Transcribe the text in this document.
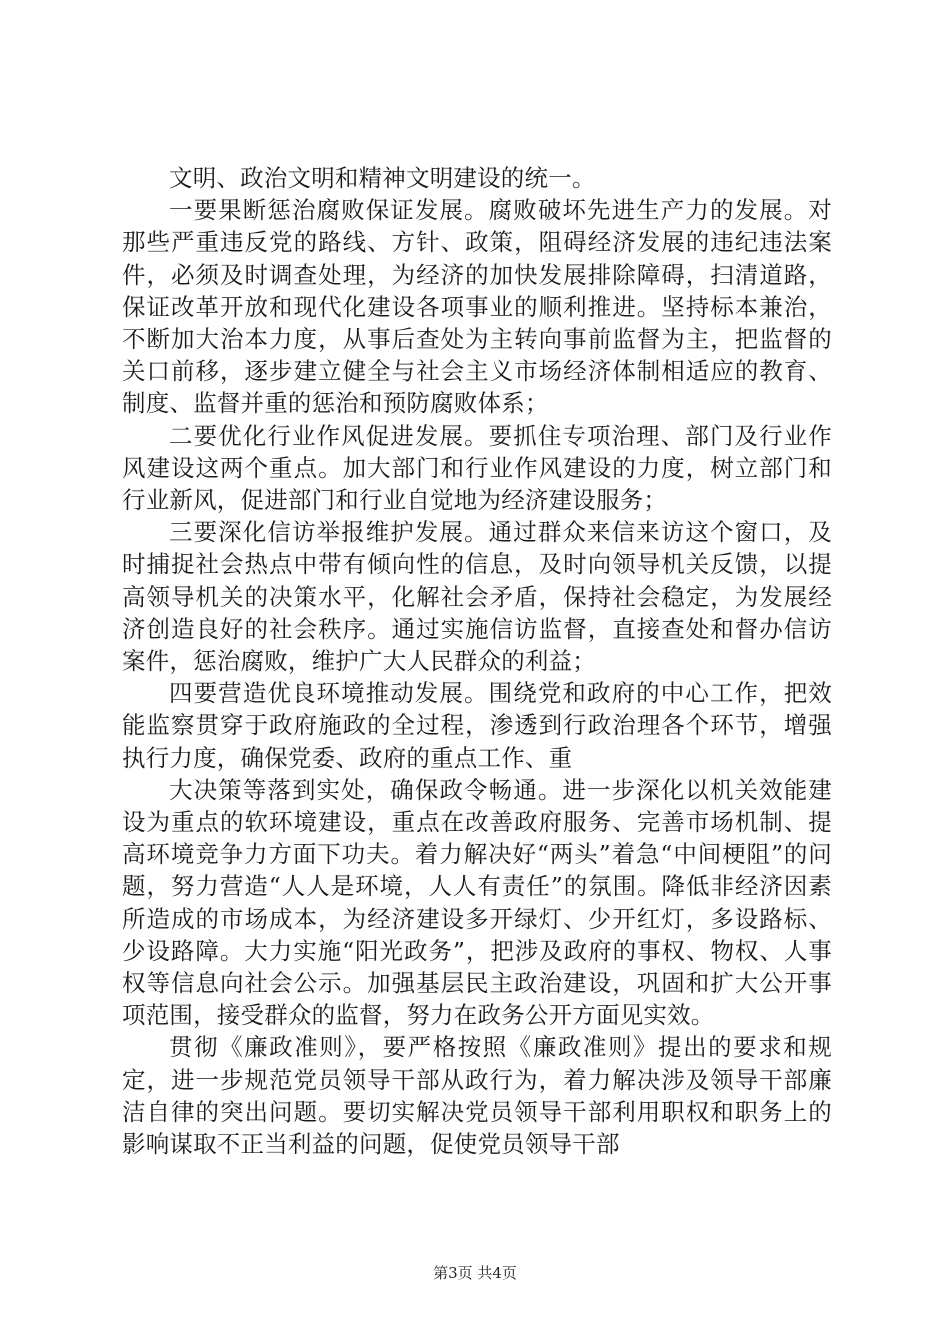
文明、政治文明和精神文明建设的统一。

一要果断惩治腐败保证发展。腐败破坏先进生产力的发展。对那些严重违反党的路线、方针、政策，阻碍经济发展的违纪违法案件，必须及时调查处理，为经济的加快发展排除障碍，扫清道路，保证改革开放和现代化建设各项事业的顺利推进。坚持标本兼治，不断加大治本力度，从事后查处为主转向事前监督为主，把监督的关口前移，逐步建立健全与社会主义市场经济体制相适应的教育、制度、监督并重的惩治和预防腐败体系；

二要优化行业作风促进发展。要抓住专项治理、部门及行业作风建设这两个重点。加大部门和行业作风建设的力度，树立部门和行业新风，促进部门和行业自觉地为经济建设服务；

三要深化信访举报维护发展。通过群众来信来访这个窗口，及时捕捉社会热点中带有倾向性的信息，及时向领导机关反馈，以提高领导机关的决策水平，化解社会矛盾，保持社会稳定，为发展经济创造良好的社会秩序。通过实施信访监督，直接查处和督办信访案件，惩治腐败，维护广大人民群众的利益；

四要营造优良环境推动发展。围绕党和政府的中心工作，把效能监察贯穿于政府施政的全过程，渗透到行政治理各个环节，增强执行力度，确保党委、政府的重点工作、重

大决策等落到实处，确保政令畅通。进一步深化以机关效能建设为重点的软环境建设，重点在改善政府服务、完善市场机制、提高环境竞争力方面下功夫。着力解决好“两头”着急“中间梗阻”的问题，努力营造“人人是环境，人人有责任”的氛围。降低非经济因素所造成的市场成本，为经济建设多开绿灯、少开红灯，多设路标、少设路障。大力实施“阳光政务”，把涉及政府的事权、物权、人事权等信息向社会公示。加强基层民主政治建设，巩固和扩大公开事项范围，接受群众的监督，努力在政务公开方面见实效。

贯彻《廉政准则》，要严格按照《廉政准则》提出的要求和规定，进一步规范党员领导干部从政行为，着力解决涉及领导干部廉洁自律的突出问题。要切实解决党员领导干部利用职权和职务上的影响谋取不正当利益的问题，促使党员领导干部

第3页 共4页
